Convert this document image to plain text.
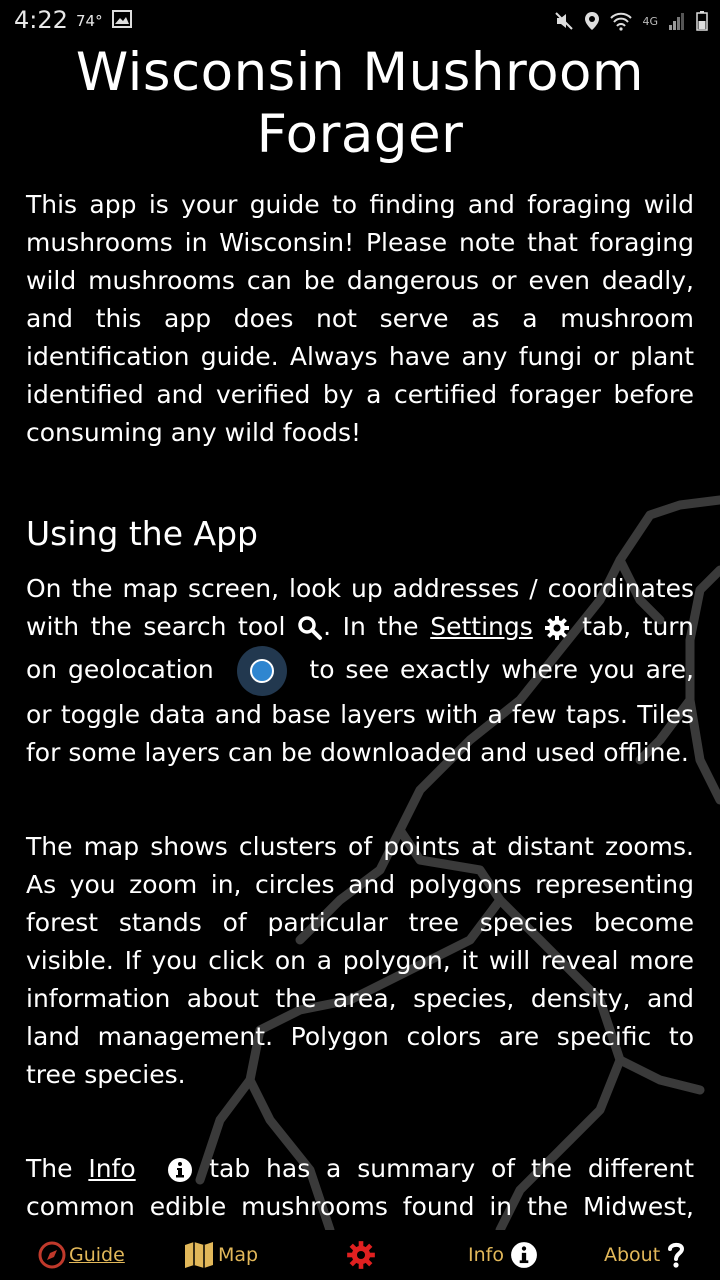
4:22 74°	4G
Wisconsin Mushroom Forager

This app is your guide to finding and foraging wild mushrooms in Wisconsin! Please note that foraging wild mushrooms can be dangerous or even deadly, and this app does not serve as a mushroom identification guide. Always have any fungi or plant identified and verified by a certified forager before consuming any wild foods!

Using the App

On the map screen, look up addresses / coordinates with the search tool . In the Settings  tab, turn on geolocation	to see exactly where you are, or toggle data and base layers with a few taps. Tiles for some layers can be downloaded and used offline.

The map shows clusters of points at distant zooms. As you zoom in, circles and polygons representing forest stands of particular tree species become visible. If you click on a polygon, it will reveal more information about the area, species, density, and land management. Polygon colors are specific to tree species.

The Info	tab has a summary of the different common edible mushrooms found in the Midwest,

Guide	Map	Info	About
